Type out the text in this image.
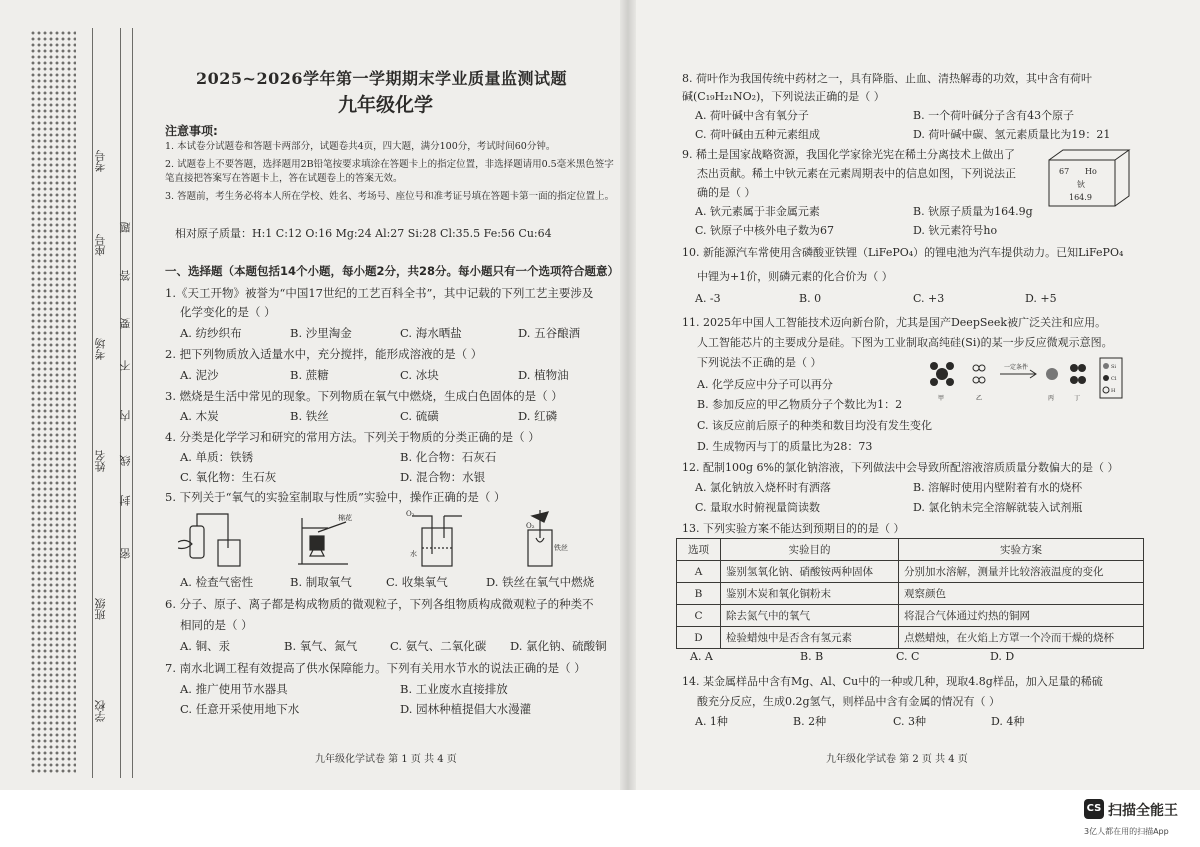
学校
班级
姓名
考场
座号
考号
密
封
线
内
不
要
答
题
2025~2026学年第一学期期末学业质量监测试题
九年级化学
注意事项:
1. 本试卷分试题卷和答题卡两部分，试题卷共4页，四大题，满分100分，考试时间60分钟。
2. 试题卷上不要答题，选择题用2B铅笔按要求填涂在答题卡上的指定位置，非选择题请用0.5毫米黑色签字笔直接把答案写在答题卡上，答在试题卷上的答案无效。
3. 答题前，考生务必将本人所在学校、姓名、考场号、座位号和准考证号填在答题卡第一面的指定位置上。
相对原子质量：H:1 C:12 O:16 Mg:24 Al:27 Si:28 Cl:35.5 Fe:56 Cu:64
一、选择题（本题包括14个小题，每小题2分，共28分。每小题只有一个选项符合题意）
1.《天工开物》被誉为“中国17世纪的工艺百科全书”，其中记载的下列工艺主要涉及
化学变化的是（ ）
A. 纺纱织布	B. 沙里淘金	C. 海水晒盐	D. 五谷酿酒
2. 把下列物质放入适量水中，充分搅拌，能形成溶液的是（ ）
A. 泥沙	B. 蔗糖	C. 冰块	D. 植物油
3. 燃烧是生活中常见的现象。下列物质在氧气中燃烧，生成白色固体的是（ ）
A. 木炭	B. 铁丝	C. 硫磺	D. 红磷
4. 分类是化学学习和研究的常用方法。下列关于物质的分类正确的是（ ）
A. 单质：铁锈	B. 化合物：石灰石
C. 氧化物：生石灰	D. 混合物：水银
5. 下列关于“氧气的实验室制取与性质”实验中，操作正确的是（ ）
棉花	O₂
水
O₂
铁丝
A. 检查气密性	B. 制取氧气	C. 收集氧气	D. 铁丝在氧气中燃烧
6. 分子、原子、离子都是构成物质的微观粒子，下列各组物质构成微观粒子的种类不
相同的是（ ）
A. 铜、汞	B. 氧气、氮气	C. 氨气、二氧化碳 D. 氯化钠、硫酸铜
7. 南水北调工程有效提高了供水保障能力。下列有关用水节水的说法正确的是（ ）
A. 推广使用节水器具	B. 工业废水直接排放
C. 任意开采使用地下水	D. 园林种植提倡大水漫灌
九年级化学试卷 第 1 页 共 4 页
8. 荷叶作为我国传统中药材之一，具有降脂、止血、清热解毒的功效，其中含有荷叶
碱(C₁₉H₂₁NO₂)，下列说法正确的是（ ）
A. 荷叶碱中含有氧分子	B. 一个荷叶碱分子含有43个原子
C. 荷叶碱由五种元素组成	D. 荷叶碱中碳、氢元素质量比为19：21
9. 稀土是国家战略资源，我国化学家徐光宪在稀土分离技术上做出了
杰出贡献。稀土中钬元素在元素周期表中的信息如图，下列说法正
确的是（ ）
67 Ho
钬
164.9
A. 钬元素属于非金属元素	B. 钬原子质量为164.9g
C. 钬原子中核外电子数为67	D. 钬元素符号ho
10. 新能源汽车常使用含磷酸亚铁锂（LiFePO₄）的锂电池为汽车提供动力。已知LiFePO₄
中锂为+1价，则磷元素的化合价为（ ）
A. -3	B. 0	C. +3	D. +5
11. 2025年中国人工智能技术迈向新台阶，尤其是国产DeepSeek被广泛关注和应用。
人工智能芯片的主要成分是硅。下图为工业制取高纯硅(Si)的某一步反应微观示意图。
下列说法不正确的是（ ）	一定条件	Si
Cl
H
甲	乙	丙	丁
A. 化学反应中分子可以再分
B. 参加反应的甲乙物质分子个数比为1：2
C. 该反应前后原子的种类和数目均没有发生变化
D. 生成物丙与丁的质量比为28：73
12. 配制100g 6%的氯化钠溶液，下列做法中会导致所配溶液溶质质量分数偏大的是（ ）
A. 氯化钠放入烧杯时有洒落	B. 溶解时使用内壁附着有水的烧杯
C. 量取水时俯视量筒读数	D. 氯化钠未完全溶解就装入试剂瓶
13. 下列实验方案不能达到预期目的的是（ ）
选项	实验目的	实验方案
A	鉴别氢氧化钠、硝酸铵两种固体	分别加水溶解，测量并比较溶液温度的变化
B	鉴别木炭和氧化铜粉末	观察颜色
C	除去氮气中的氧气	将混合气体通过灼热的铜网
D	检验蜡烛中是否含有氢元素	点燃蜡烛，在火焰上方罩一个冷而干燥的烧杯
A. A	B. B	C. C	D. D
14. 某金属样品中含有Mg、Al、Cu中的一种或几种，现取4.8g样品，加入足量的稀硫
酸充分反应，生成0.2g氢气，则样品中含有金属的情况有（ ）
A. 1种	B. 2种	C. 3种	D. 4种
九年级化学试卷 第 2 页 共 4 页
CS 扫描全能王
3亿人都在用的扫描App
